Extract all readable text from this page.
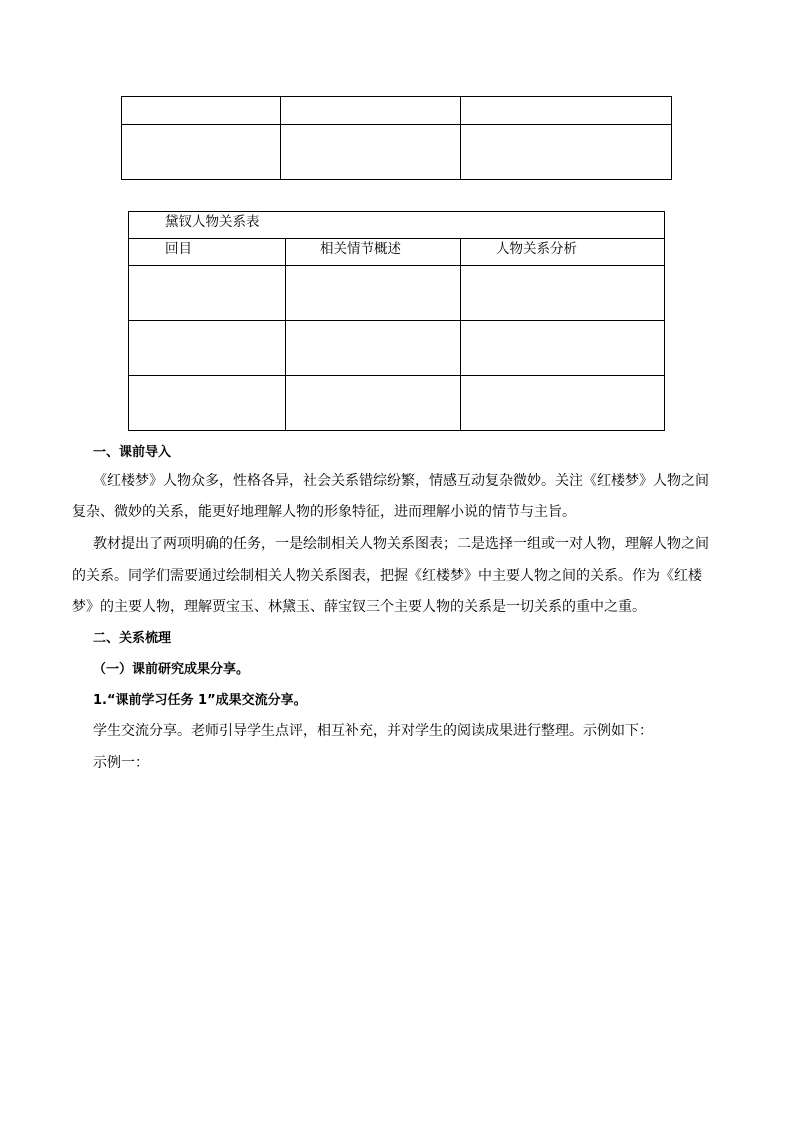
黛钗人物关系表		
回目	相关情节概述	人物关系分析

一、课前导入
《红楼梦》人物众多，性格各异，社会关系错综纷繁，情感互动复杂微妙。关注《红楼梦》人物之间
复杂、微妙的关系，能更好地理解人物的形象特征，进而理解小说的情节与主旨。
教材提出了两项明确的任务，一是绘制相关人物关系图表；二是选择一组或一对人物，理解人物之间
的关系。同学们需要通过绘制相关人物关系图表，把握《红楼梦》中主要人物之间的关系。作为《红楼
梦》的主要人物，理解贾宝玉、林黛玉、薛宝钗三个主要人物的关系是一切关系的重中之重。
二、关系梳理
（一）课前研究成果分享。
1.“课前学习任务 1”成果交流分享。
学生交流分享。老师引导学生点评，相互补充，并对学生的阅读成果进行整理。示例如下：
示例一：
